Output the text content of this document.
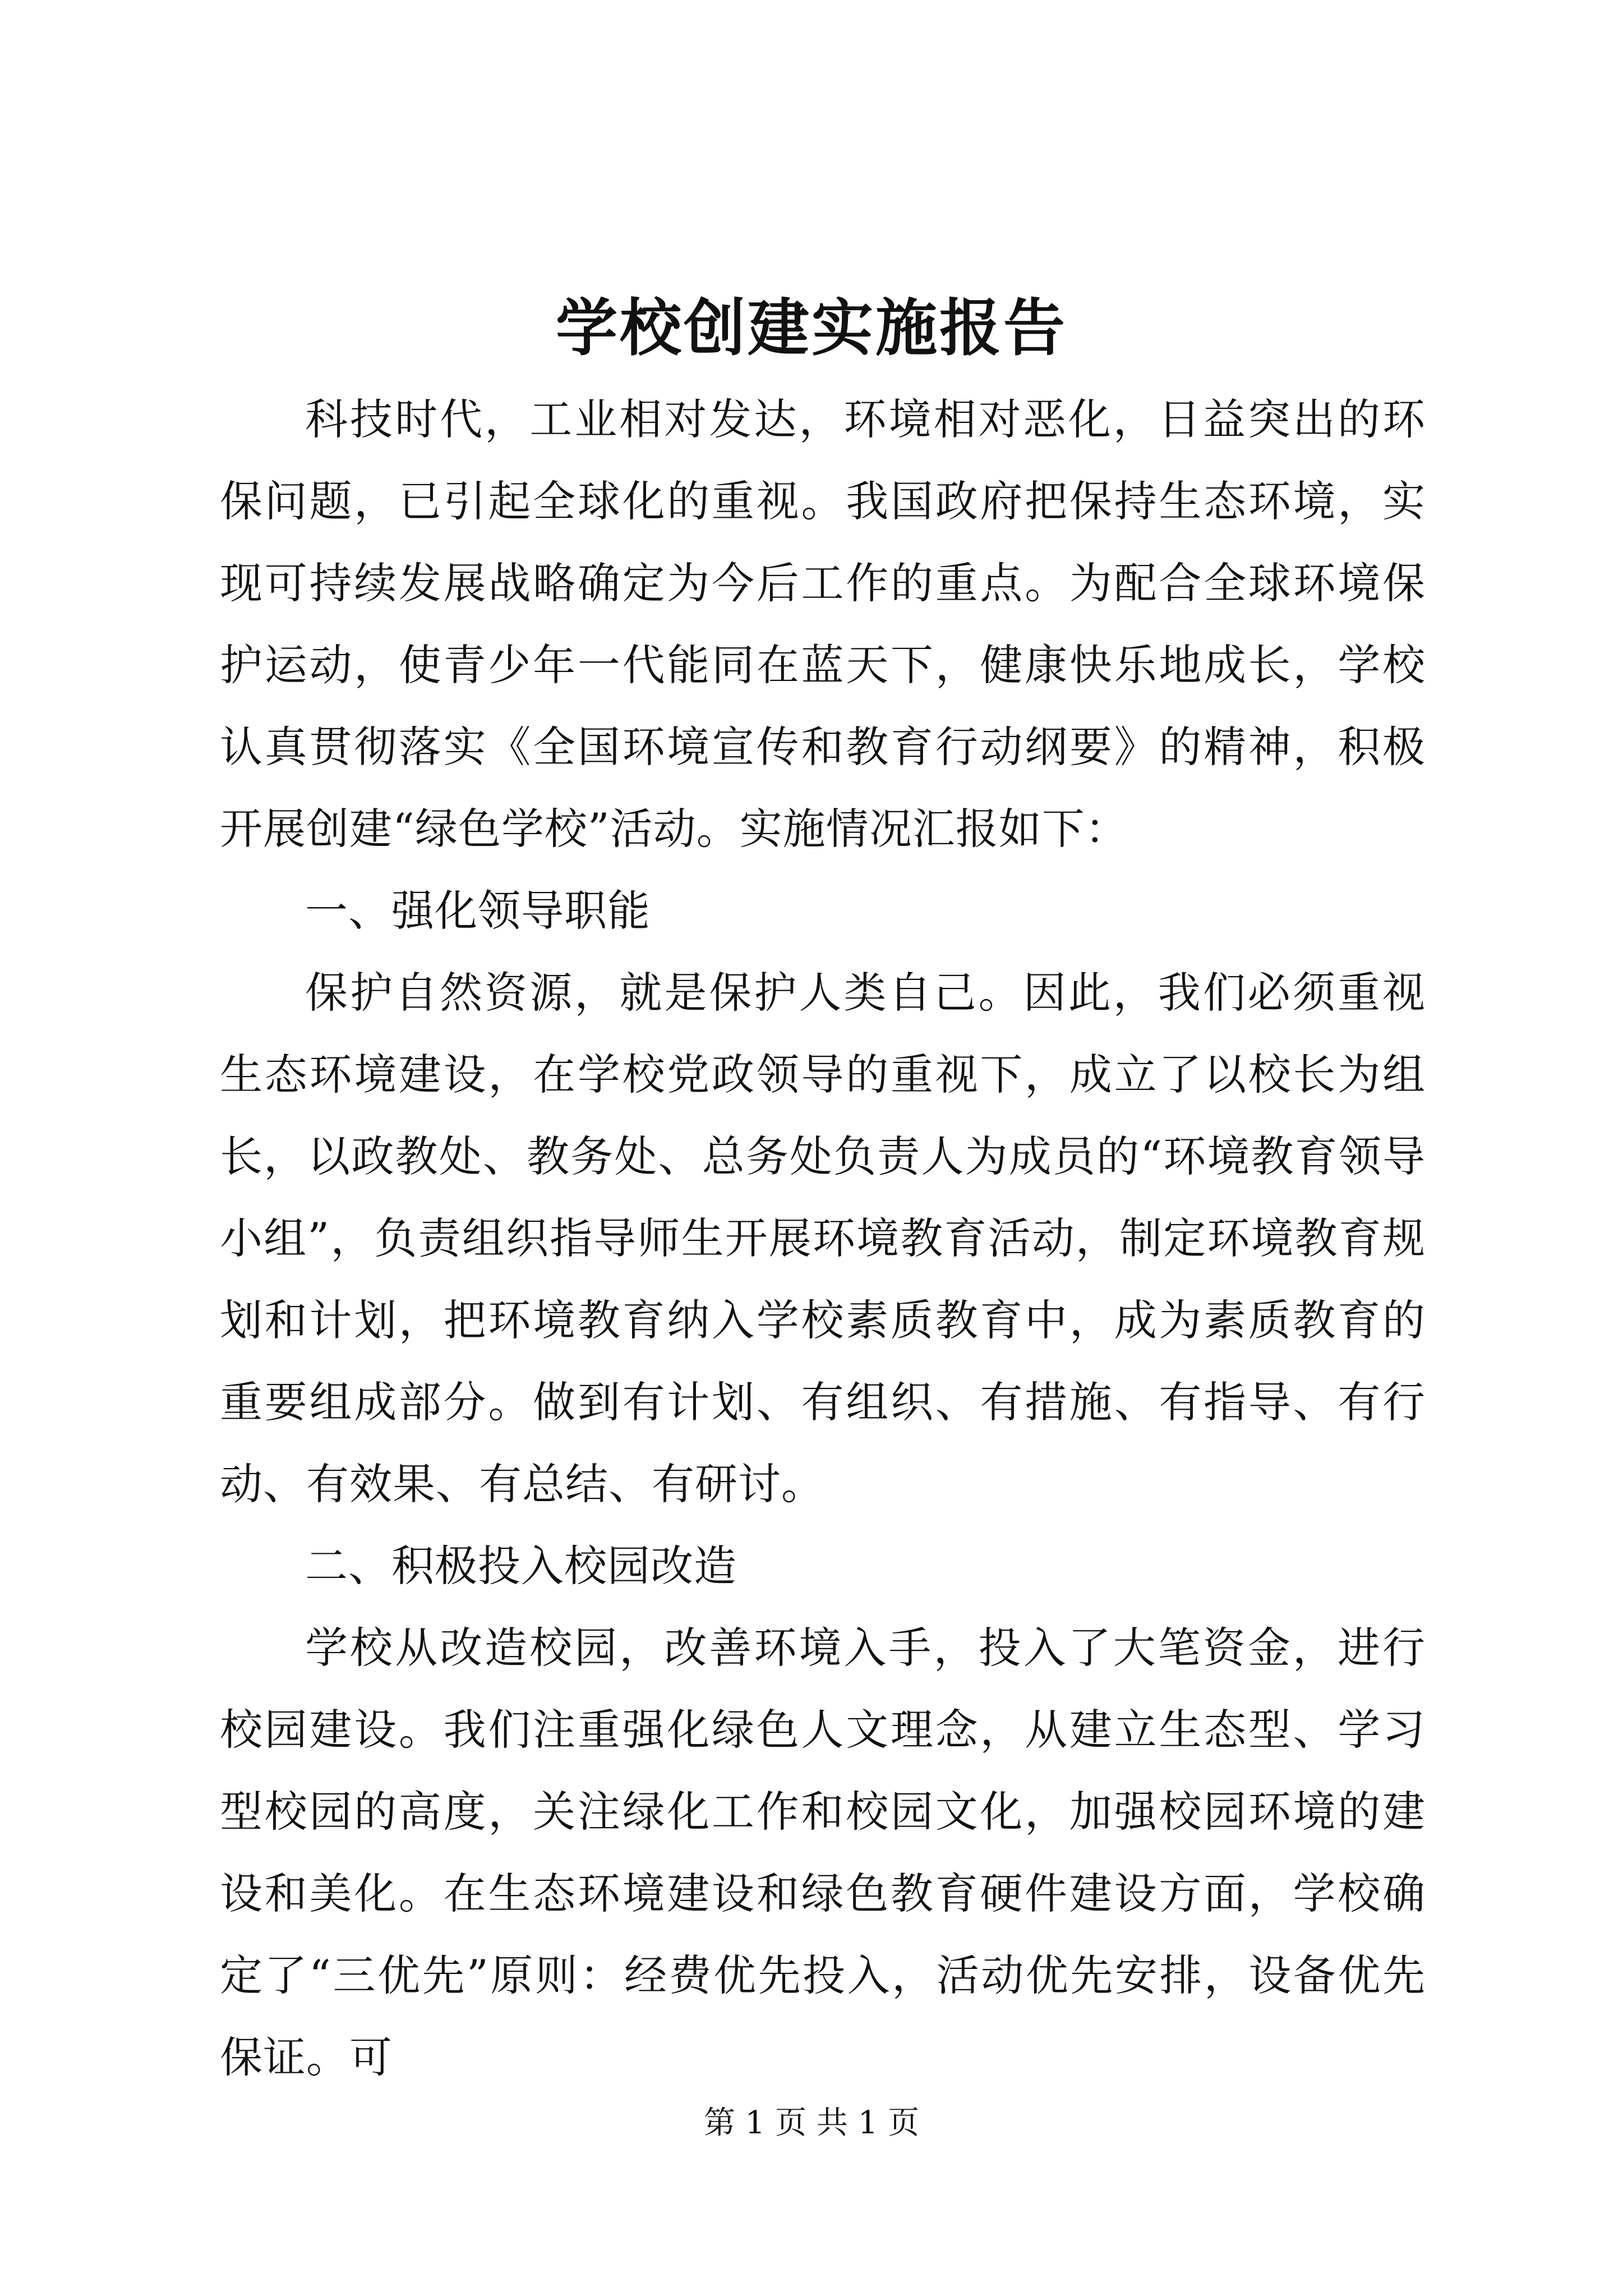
学校创建实施报告

科技时代，工业相对发达，环境相对恶化，日益突出的环保问题，已引起全球化的重视。我国政府把保持生态环境，实现可持续发展战略确定为今后工作的重点。为配合全球环境保护运动，使青少年一代能同在蓝天下，健康快乐地成长，学校认真贯彻落实《全国环境宣传和教育行动纲要》的精神，积极开展创建“绿色学校”活动。实施情况汇报如下：

一、强化领导职能

保护自然资源，就是保护人类自己。因此，我们必须重视生态环境建设，在学校党政领导的重视下，成立了以校长为组长，以政教处、教务处、总务处负责人为成员的“环境教育领导小组”，负责组织指导师生开展环境教育活动，制定环境教育规划和计划，把环境教育纳入学校素质教育中，成为素质教育的重要组成部分。做到有计划、有组织、有措施、有指导、有行动、有效果、有总结、有研讨。

二、积极投入校园改造

学校从改造校园，改善环境入手，投入了大笔资金，进行校园建设。我们注重强化绿色人文理念，从建立生态型、学习型校园的高度，关注绿化工作和校园文化，加强校园环境的建设和美化。在生态环境建设和绿色教育硬件建设方面，学校确定了“三优先”原则：经费优先投入，活动优先安排，设备优先保证。可

第 1 页 共 1 页
